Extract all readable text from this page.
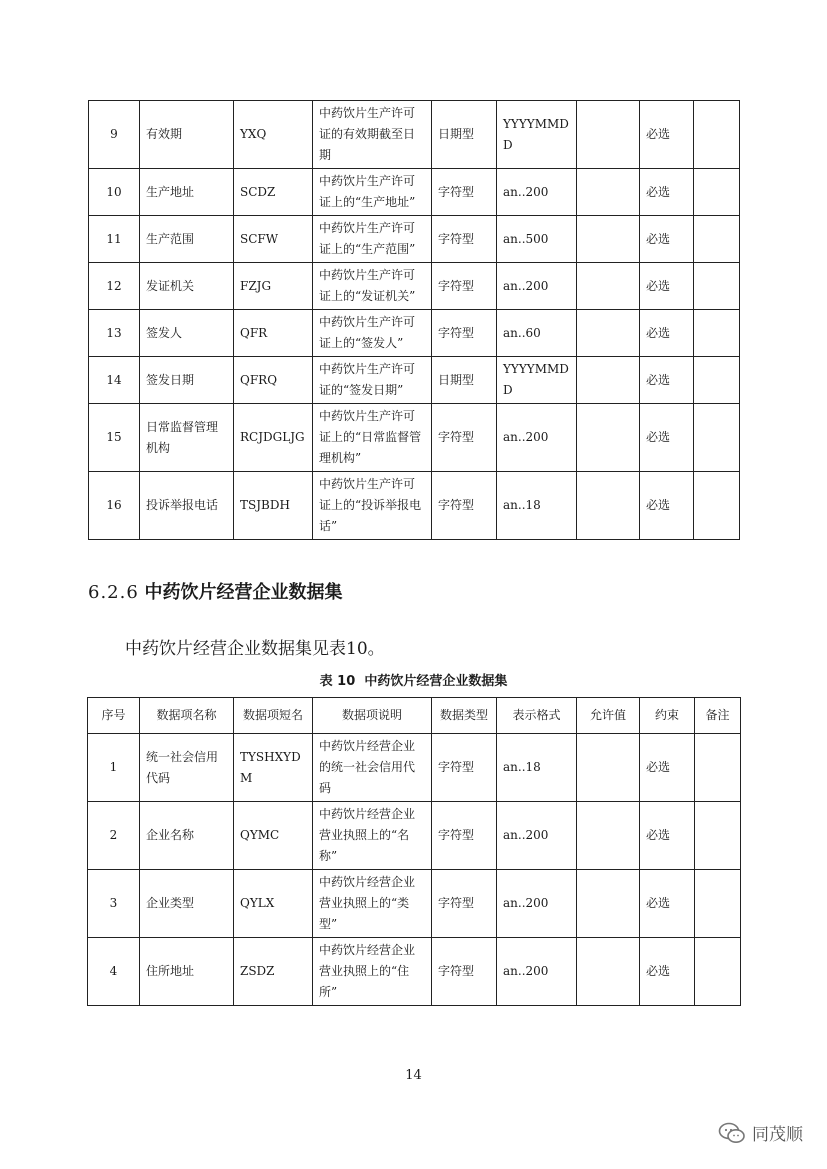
9	有效期	YXQ	中药饮片生产许可证的有效期截至日期	日期型	YYYYMMDD		必选	
10	生产地址	SCDZ	中药饮片生产许可证上的“生产地址”	字符型	an..200		必选	
11	生产范围	SCFW	中药饮片生产许可证上的“生产范围”	字符型	an..500		必选	
12	发证机关	FZJG	中药饮片生产许可证上的“发证机关”	字符型	an..200		必选	
13	签发人	QFR	中药饮片生产许可证上的“签发人”	字符型	an..60		必选	
14	签发日期	QFRQ	中药饮片生产许可证的“签发日期”	日期型	YYYYMMDD		必选	
15	日常监督管理机构	RCJDGLJG	中药饮片生产许可证上的“日常监督管理机构”	字符型	an..200		必选	
16	投诉举报电话	TSJBDH	中药饮片生产许可证上的“投诉举报电话”	字符型	an..18		必选	
6.2.6 中药饮片经营企业数据集
中药饮片经营企业数据集见表10。
表 10  中药饮片经营企业数据集
序号	数据项名称	数据项短名	数据项说明	数据类型	表示格式	允许值	约束	备注
1	统一社会信用代码	TYSHXYDM	中药饮片经营企业的统一社会信用代码	字符型	an..18		必选	
2	企业名称	QYMC	中药饮片经营企业营业执照上的“名称”	字符型	an..200		必选	
3	企业类型	QYLX	中药饮片经营企业营业执照上的“类型”	字符型	an..200		必选	
4	住所地址	ZSDZ	中药饮片经营企业营业执照上的“住所”	字符型	an..200		必选	
14
同茂顺
